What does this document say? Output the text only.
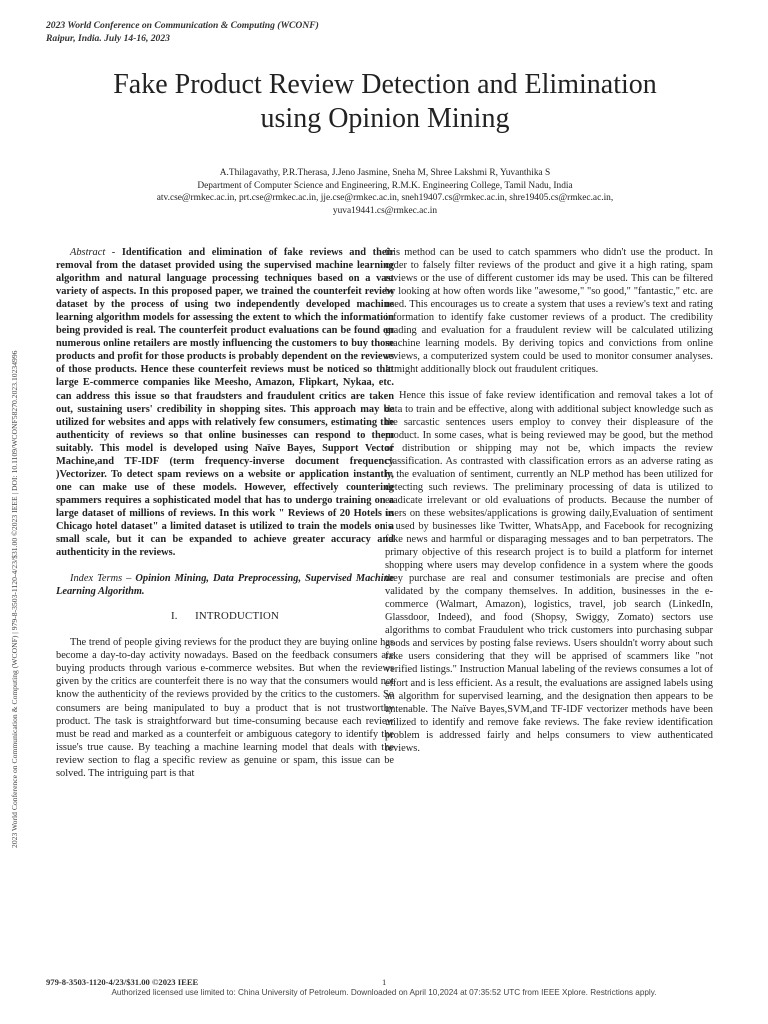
2023 World Conference on Communication & Computing (WCONF)
Raipur, India. July 14-16, 2023
2023 World Conference on Communication & Computing (WCONF) | 979-8-3503-1120-4/23/$31.00 ©2023 IEEE | DOI: 10.1109/WCONF58270.2023.10234996
Fake Product Review Detection and Elimination
using Opinion Mining
A.Thilagavathy, P.R.Therasa, J.Jeno Jasmine, Sneha M, Shree Lakshmi R, Yuvanthika S
Department of Computer Science and Engineering, R.M.K. Engineering College, Tamil Nadu, India
atv.cse@rmkec.ac.in, prt.cse@rmkec.ac.in, jje.cse@rmkec.ac.in, sneh19407.cs@rmkec.ac.in, shre19405.cs@rmkec.ac.in,
yuva19441.cs@rmkec.ac.in

Abstract - Identification and elimination of fake reviews and their removal from the dataset provided using the supervised machine learning algorithm and natural language processing techniques based on a vast variety of aspects. In this proposed paper, we trained the counterfeit review dataset by the process of using two independently developed machine learning algorithm models for assessing the extent to which the information being provided is real. The counterfeit product evaluations can be found on numerous online retailers are mostly influencing the customers to buy those products and profit for those products is probably dependent on the reviews of those products. Hence these counterfeit reviews must be noticed so that large E-commerce companies like Meesho, Amazon, Flipkart, Nykaa, etc. can address this issue so that fraudsters and fraudulent critics are taken out, sustaining users' credibility in shopping sites. This approach may be utilized for websites and apps with relatively few consumers, estimating the authenticity of reviews so that online businesses can respond to them suitably. This model is developed using Naïve Bayes, Support Vector Machine,and TF-IDF (term frequency-inverse document frequency )Vectorizer. To detect spam reviews on a website or application instantly, one can make use of these models. However, effectively countering spammers requires a sophisticated model that has to undergo training on a large dataset of millions of reviews. In this work " Reviews of 20 Hotels in Chicago hotel dataset" a limited dataset is utilized to train the models on a small scale, but it can be expanded to achieve greater accuracy and authenticity in the reviews.

Index Terms – Opinion Mining, Data Preprocessing, Supervised Machine Learning Algorithm.

I. INTRODUCTION

The trend of people giving reviews for the product they are buying online has become a day-to-day activity nowadays. Based on the feedback consumers are buying products through various e-commerce websites. But when the reviews given by the critics are counterfeit there is no way that the consumers would not know the authenticity of the reviews provided by the critics to the customers. So consumers are being manipulated to buy a product that is not trustworthy product. The task is straightforward but time-consuming because each review must be read and marked as a counterfeit or ambiguous category to identify the issue's true cause. By teaching a machine learning model that deals with the review section to flag a specific review as genuine or spam, this issue can be solved. The intriguing part is that

this method can be used to catch spammers who didn't use the product. In order to falsely filter reviews of the product and give it a high rating, spam reviews or the use of different customer ids may be used. This can be filtered by looking at how often words like "awesome," "so good," "fantastic," etc. are used. This encourages us to create a system that uses a review's text and rating information to identify fake customer reviews of a product. The credibility grading and evaluation for a fraudulent review will be calculated utilizing machine learning models. By deriving topics and convictions from online reviews, a computerized system could be used to monitor consumer analyses. It might additionally block out fraudulent critiques.

Hence this issue of fake review identification and removal takes a lot of data to train and be effective, along with additional subject knowledge such as the sarcastic sentences users employ to convey their displeasure of the product. In some cases, what is being reviewed may be good, but the method of distribution or shipping may not be, which impacts the review classification. As contrasted with classification errors as an adverse rating as in the evaluation of sentiment, currently an NLP method has been utilized for detecting such reviews. The preliminary processing of data is utilized to eradicate irrelevant or old evaluations of products. Because the number of users on these websites/applications is growing daily,Evaluation of sentiment is used by businesses like Twitter, WhatsApp, and Facebook for recognizing fake news and harmful or disparaging messages and to ban perpetrators. The primary objective of this research project is to build a platform for internet shopping where users may develop confidence in a system where the goods they purchase are real and consumer testimonials are precise and often validated by the company themselves. In addition, businesses in the e-commerce (Walmart, Amazon), logistics, travel, job search (LinkedIn, Glassdoor, Indeed), and food (Shopsy, Swiggy, Zomato) sectors use algorithms to combat Fraudulent who trick customers into purchasing subpar goods and services by posting false reviews. Users shouldn't worry about such fake users considering that they will be apprised of scammers like "not verified listings." Instruction Manual labeling of the reviews consumes a lot of effort and is less efficient. As a result, the evaluations are assigned labels using an algorithm for supervised learning, and the designation then appears to be untenable. The Naïve Bayes,SVM,and TF-IDF vectorizer methods have been utilized to identify and remove fake reviews. The fake review identification problem is addressed fairly and helps consumers to view authenticated reviews.

979-8-3503-1120-4/23/$31.00 ©2023 IEEE	1
Authorized licensed use limited to: China University of Petroleum. Downloaded on April 10,2024 at 07:35:52 UTC from IEEE Xplore. Restrictions apply.
